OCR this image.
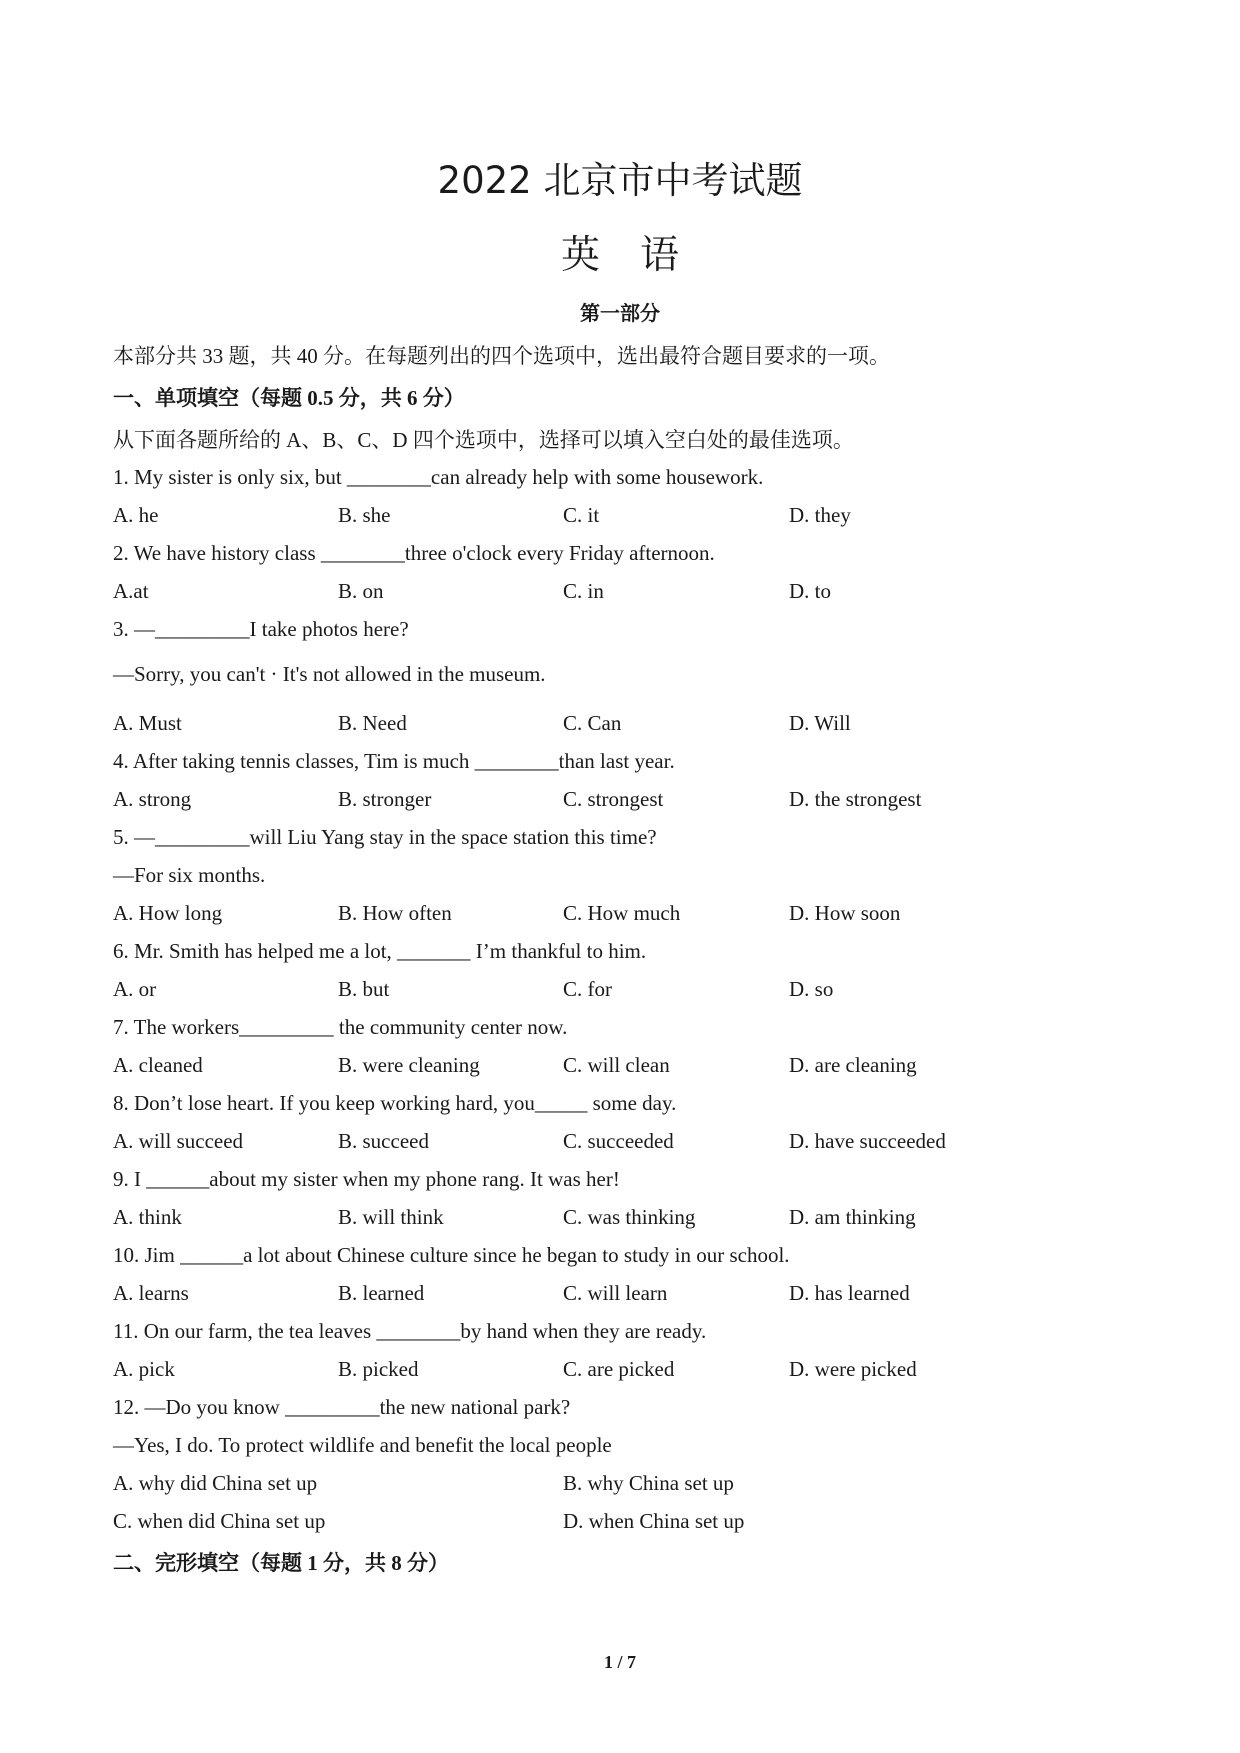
2022 北京市中考试题
英语
第一部分
本部分共 33 题，共 40 分。在每题列出的四个选项中，选出最符合题目要求的一项。
一、单项填空（每题 0.5 分，共 6 分）
从下面各题所给的 A、B、C、D 四个选项中，选择可以填入空白处的最佳选项。
1. My sister is only six, but ________can already help with some housework.
A. he	B. she	C. it	D. they
2. We have history class ________three o'clock every Friday afternoon.
A.at	B. on	C. in	D. to
3. —_________I take photos here?
—Sorry, you can't · It's not allowed in the museum.
A. Must	B. Need	C. Can	D. Will
4. After taking tennis classes, Tim is much ________than last year.
A. strong	B. stronger	C. strongest	D. the strongest
5. —_________will Liu Yang stay in the space station this time?
—For six months.
A. How long	B. How often	C. How much	D. How soon
6. Mr. Smith has helped me a lot, _______ I’m thankful to him.
A. or	B. but	C. for	D. so
7. The workers_________ the community center now.
A. cleaned	B. were cleaning	C. will clean	D. are cleaning
8. Don’t lose heart. If you keep working hard, you_____ some day.
A. will succeed	B. succeed	C. succeeded	D. have succeeded
9. I ______about my sister when my phone rang. It was her!
A. think	B. will think	C. was thinking	D. am thinking
10. Jim ______a lot about Chinese culture since he began to study in our school.
A. learns	B. learned	C. will learn	D. has learned
11. On our farm, the tea leaves ________by hand when they are ready.
A. pick	B. picked	C. are picked	D. were picked
12. —Do you know _________the new national park?
—Yes, I do. To protect wildlife and benefit the local people
A. why did China set up	B. why China set up
C. when did China set up	D. when China set up
二、完形填空（每题 1 分，共 8 分）
1 / 7
